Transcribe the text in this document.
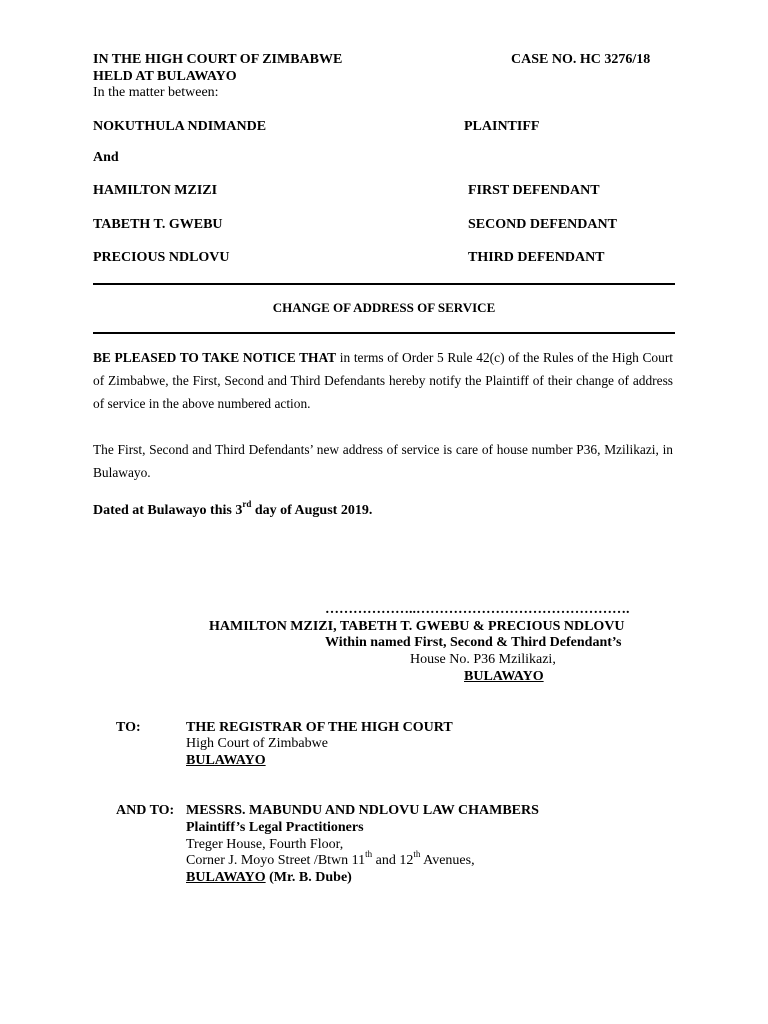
IN THE HIGH COURT OF ZIMBABWE	CASE NO. HC 3276/18
HELD AT BULAWAYO
In the matter between:
NOKUTHULA NDIMANDE	PLAINTIFF
And
HAMILTON MZIZI	FIRST DEFENDANT
TABETH T. GWEBU	SECOND DEFENDANT
PRECIOUS NDLOVU	THIRD DEFENDANT
CHANGE OF ADDRESS OF SERVICE
BE PLEASED TO TAKE NOTICE THAT in terms of Order 5 Rule 42(c) of the Rules of the High Court of Zimbabwe, the First, Second and Third Defendants hereby notify the Plaintiff of their change of address of service in the above numbered action.
The First, Second and Third Defendants’ new address of service is care of house number P36, Mzilikazi, in Bulawayo.
Dated at Bulawayo this 3rd day of August 2019.
………………..……………………………………….
HAMILTON MZIZI, TABETH T. GWEBU & PRECIOUS NDLOVU
Within named First, Second & Third Defendant’s
House No. P36 Mzilikazi,
BULAWAYO
TO:	THE REGISTRAR OF THE HIGH COURT
High Court of Zimbabwe
BULAWAYO
AND TO: MESSRS. MABUNDU AND NDLOVU LAW CHAMBERS
Plaintiff’s Legal Practitioners
Treger House, Fourth Floor,
Corner J. Moyo Street /Btwn 11th and 12th Avenues,
BULAWAYO (Mr. B. Dube)
